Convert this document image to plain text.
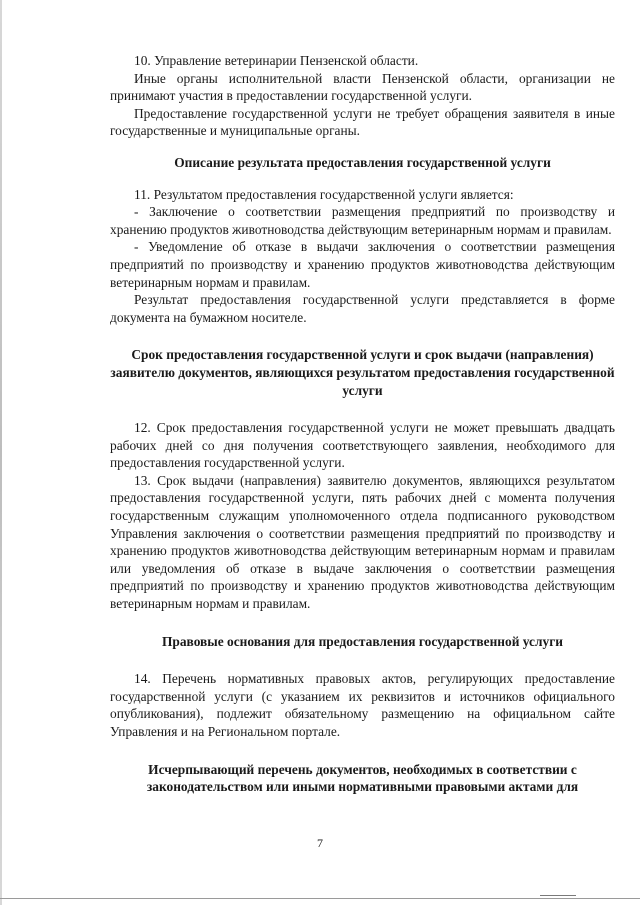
10. Управление ветеринарии Пензенской области.

Иные органы исполнительной власти Пензенской области, организации не принимают участия в предоставлении государственной услуги.

Предоставление государственной услуги не требует обращения заявителя в иные государственные и муниципальные органы.

Описание результата предоставления государственной услуги

11. Результатом предоставления государственной услуги является:

- Заключение о соответствии размещения предприятий по производству и хранению продуктов животноводства действующим ветеринарным нормам и правилам.

- Уведомление об отказе в выдачи заключения о соответствии размещения предприятий по производству и хранению продуктов животноводства действующим ветеринарным нормам и правилам.

Результат предоставления государственной услуги представляется в форме документа на бумажном носителе.

Срок предоставления государственной услуги и срок выдачи (направления) заявителю документов, являющихся результатом предоставления государственной услуги

12. Срок предоставления государственной услуги не может превышать двадцать рабочих дней со дня получения соответствующего заявления, необходимого для предоставления государственной услуги.

13. Срок выдачи (направления) заявителю документов, являющихся результатом предоставления государственной услуги, пять рабочих дней с момента получения государственным служащим уполномоченного отдела подписанного руководством Управления заключения о соответствии размещения предприятий по производству и хранению продуктов животноводства действующим ветеринарным нормам и правилам или уведомления об отказе в выдаче заключения о соответствии размещения предприятий по производству и хранению продуктов животноводства действующим ветеринарным нормам и правилам.

Правовые основания для предоставления государственной услуги

14. Перечень нормативных правовых актов, регулирующих предоставление государственной услуги (с указанием их реквизитов и источников официального опубликования), подлежит обязательному размещению на официальном сайте Управления и на Региональном портале.

Исчерпывающий перечень документов, необходимых в соответствии с законодательством или иными нормативными правовыми актами для
7
